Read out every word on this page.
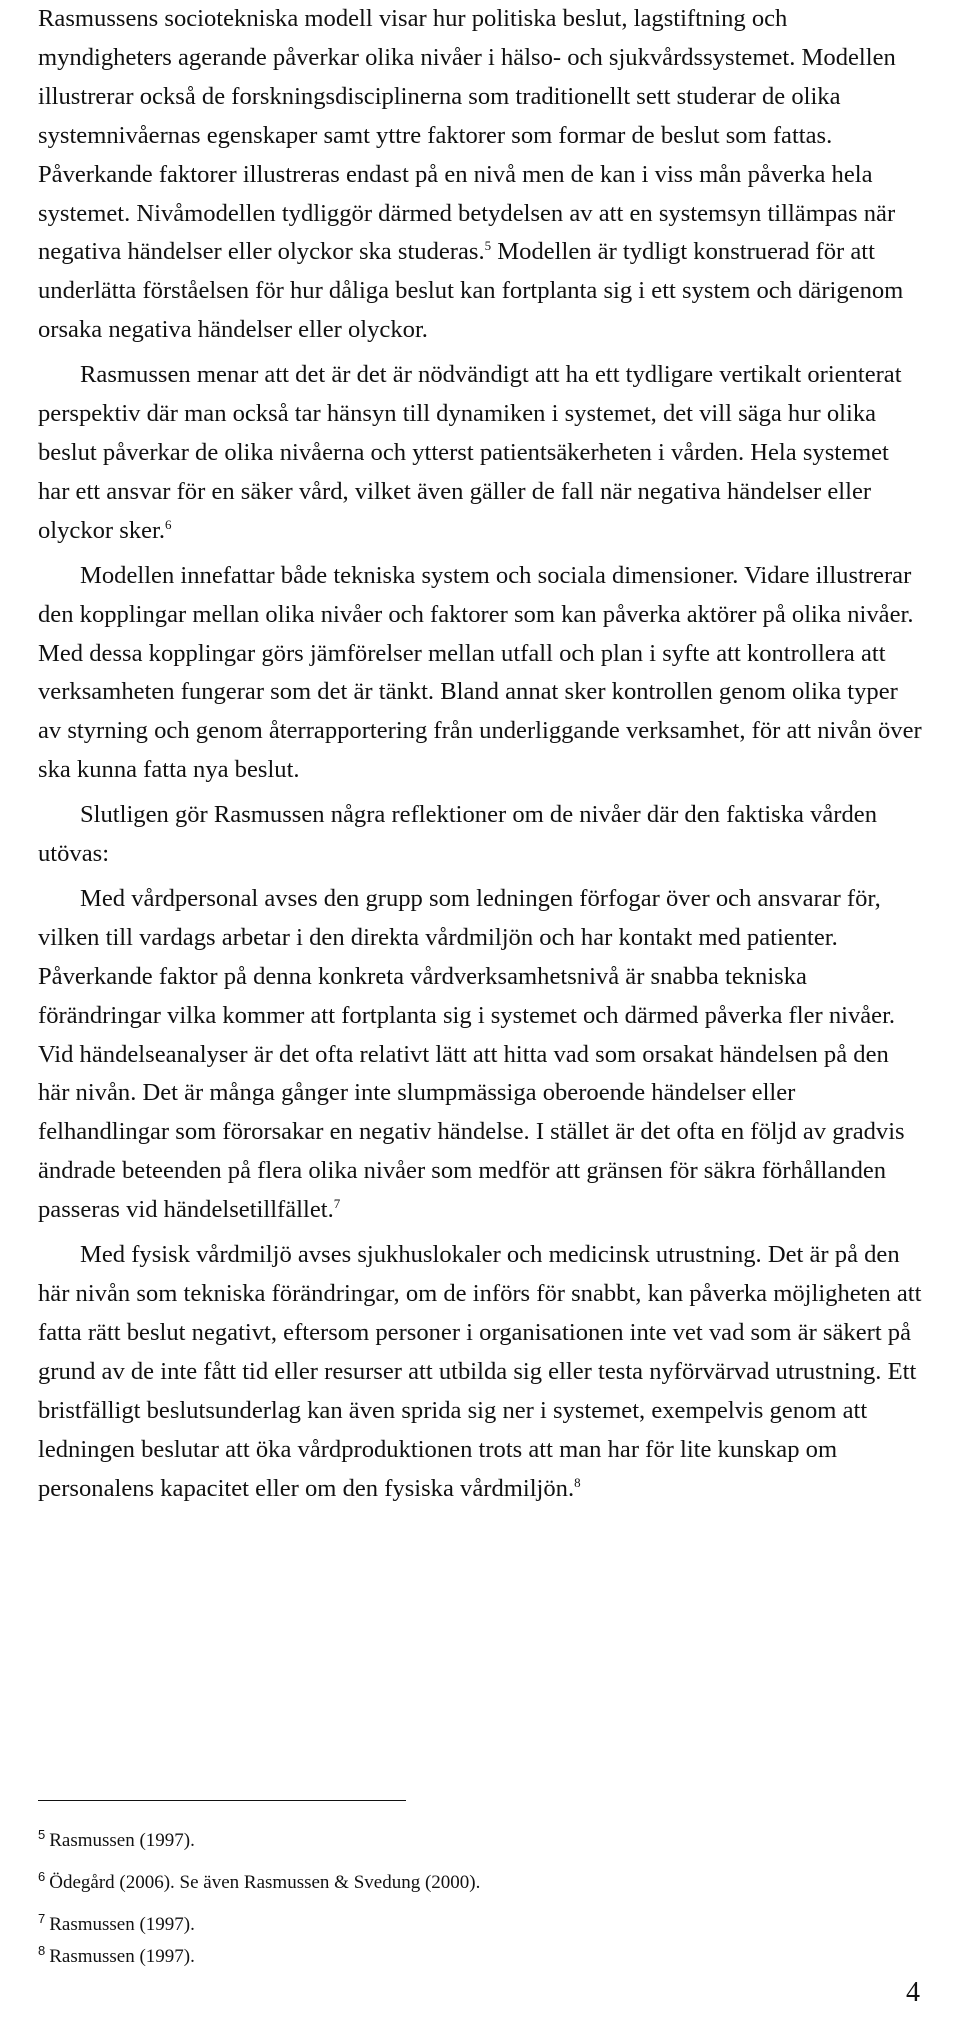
Rasmussens sociotekniska modell visar hur politiska beslut, lagstiftning och myndigheters agerande påverkar olika nivåer i hälso- och sjukvårdssystemet. Modellen illustrerar också de forskningsdisciplinerna som traditionellt sett studerar de olika systemnivåernas egenskaper samt yttre faktorer som formar de beslut som fattas. Påverkande faktorer illustreras endast på en nivå men de kan i viss mån påverka hela systemet. Nivåmodellen tydliggör därmed betydelsen av att en systemsyn tillämpas när negativa händelser eller olyckor ska studeras.$^5$ Modellen är tydligt konstruerad för att underlätta förståelsen för hur dåliga beslut kan fortplanta sig i ett system och därigenom orsaka negativa händelser eller olyckor.

Rasmussen menar att det är det är nödvändigt att ha ett tydligare vertikalt orienterat perspektiv där man också tar hänsyn till dynamiken i systemet, det vill säga hur olika beslut påverkar de olika nivåerna och ytterst patientsäkerheten i vården. Hela systemet har ett ansvar för en säker vård, vilket även gäller de fall när negativa händelser eller olyckor sker.$^6$

Modellen innefattar både tekniska system och sociala dimensioner. Vidare illustrerar den kopplingar mellan olika nivåer och faktorer som kan påverka aktörer på olika nivåer. Med dessa kopplingar görs jämförelser mellan utfall och plan i syfte att kontrollera att verksamheten fungerar som det är tänkt. Bland annat sker kontrollen genom olika typer av styrning och genom återrapportering från underliggande verksamhet, för att nivån över ska kunna fatta nya beslut.

Slutligen gör Rasmussen några reflektioner om de nivåer där den faktiska vården utövas:

Med vårdpersonal avses den grupp som ledningen förfogar över och ansvarar för, vilken till vardags arbetar i den direkta vårdmiljön och har kontakt med patienter. Påverkande faktor på denna konkreta vårdverksamhetsnivå är snabba tekniska förändringar vilka kommer att fortplanta sig i systemet och därmed påverka fler nivåer. Vid händelseanalyser är det ofta relativt lätt att hitta vad som orsakat händelsen på den här nivån. Det är många gånger inte slumpmässiga oberoende händelser eller felhandlingar som förorsakar en negativ händelse. I stället är det ofta en följd av gradvis ändrade beteenden på flera olika nivåer som medför att gränsen för säkra förhållanden passeras vid händelsetillfället.$^7$

Med fysisk vårdmiljö avses sjukhuslokaler och medicinsk utrustning. Det är på den här nivån som tekniska förändringar, om de införs för snabbt, kan påverka möjligheten att fatta rätt beslut negativt, eftersom personer i organisationen inte vet vad som är säkert på grund av de inte fått tid eller resurser att utbilda sig eller testa nyförvärvad utrustning. Ett bristfälligt beslutsunderlag kan även sprida sig ner i systemet, exempelvis genom att ledningen beslutar att öka vårdproduktionen trots att man har för lite kunskap om personalens kapacitet eller om den fysiska vårdmiljön.$^8$

$^5$ Rasmussen (1997).

$^6$ Ödegård (2006). Se även Rasmussen & Svedung (2000).

$^7$ Rasmussen (1997).

$^8$ Rasmussen (1997).

4
